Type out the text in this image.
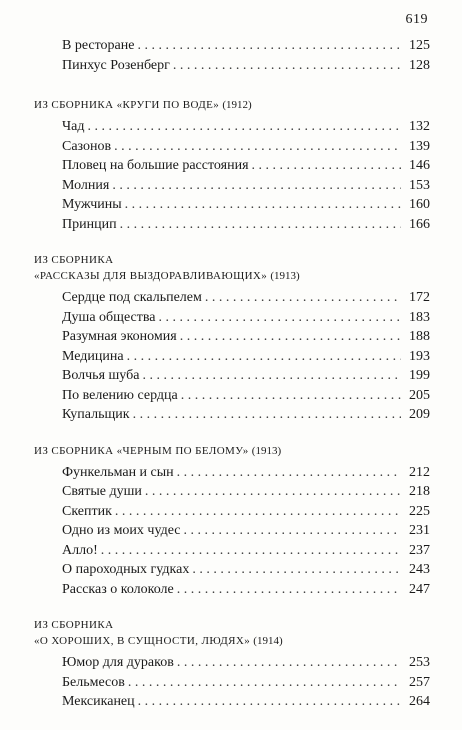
619
В ресторане . . .	125
Пинхус Розенберг . . .	128
ИЗ СБОРНИКА «КРУГИ ПО ВОДЕ» (1912)
Чад . . .	132
Сазонов . . .	139
Пловец на большие расстояния . . .	146
Молния . . .	153
Мужчины . . .	160
Принцип . . .	166
ИЗ СБОРНИКА
«РАССКАЗЫ ДЛЯ ВЫЗДОРАВЛИВАЮЩИХ» (1913)
Сердце под скальпелем . . .	172
Душа общества . . .	183
Разумная экономия . . .	188
Медицина . . .	193
Волчья шуба . . .	199
По велению сердца . . .	205
Купальщик . . .	209
ИЗ СБОРНИКА «ЧЕРНЫМ ПО БЕЛОМУ» (1913)
Функельман и сын . . .	212
Святые души . . .	218
Скептик . . .	225
Одно из моих чудес . . .	231
Алло! . . .	237
О пароходных гудках . . .	243
Рассказ о колоколе . . .	247
ИЗ СБОРНИКА
«О ХОРОШИХ, В СУЩНОСТИ, ЛЮДЯХ» (1914)
Юмор для дураков . . .	253
Бельмесов . . .	257
Мексиканец . . .	264
